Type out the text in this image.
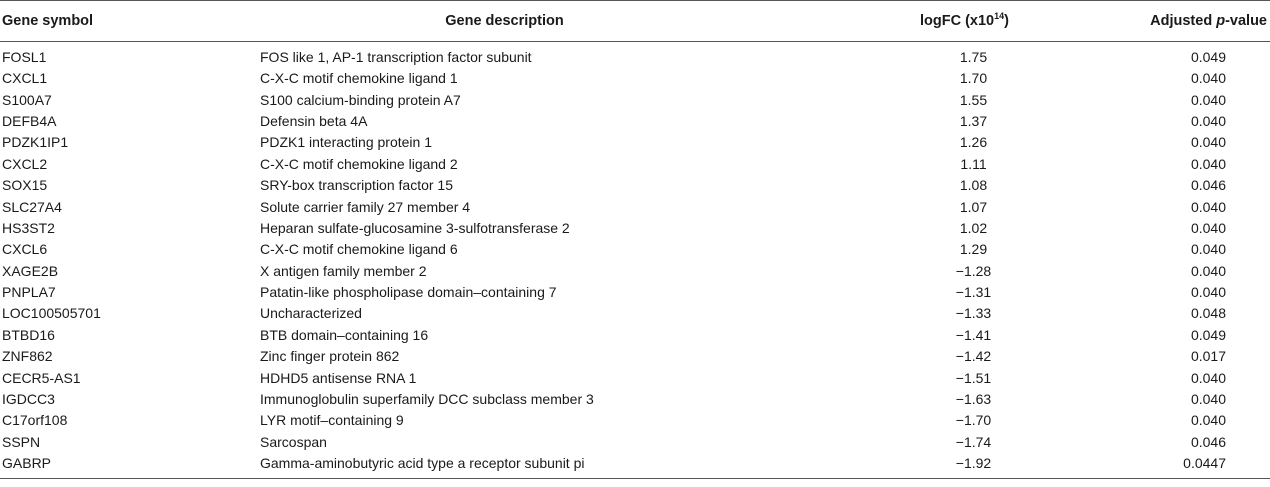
Gene symbol	Gene description	logFC $(x10^{14})$	Adjusted p-value
FOSL1	FOS like 1, AP-1 transcription factor subunit	1.75	0.049
CXCL1	C-X-C motif chemokine ligand 1	1.70	0.040
S100A7	S100 calcium-binding protein A7	1.55	0.040
DEFB4A	Defensin beta 4A	1.37	0.040
PDZK1IP1	PDZK1 interacting protein 1	1.26	0.040
CXCL2	C-X-C motif chemokine ligand 2	1.11	0.040
SOX15	SRY-box transcription factor 15	1.08	0.046
SLC27A4	Solute carrier family 27 member 4	1.07	0.040
HS3ST2	Heparan sulfate-glucosamine 3-sulfotransferase 2	1.02	0.040
CXCL6	C-X-C motif chemokine ligand 6	1.29	0.040
XAGE2B	X antigen family member 2	−1.28	0.040
PNPLA7	Patatin-like phospholipase domain–containing 7	−1.31	0.040
LOC100505701	Uncharacterized	−1.33	0.048
BTBD16	BTB domain–containing 16	−1.41	0.049
ZNF862	Zinc finger protein 862	−1.42	0.017
CECR5-AS1	HDHD5 antisense RNA 1	−1.51	0.040
IGDCC3	Immunoglobulin superfamily DCC subclass member 3	−1.63	0.040
C17orf108	LYR motif–containing 9	−1.70	0.040
SSPN	Sarcospan	−1.74	0.046
GABRP	Gamma-aminobutyric acid type a receptor subunit pi	−1.92	0.0447
